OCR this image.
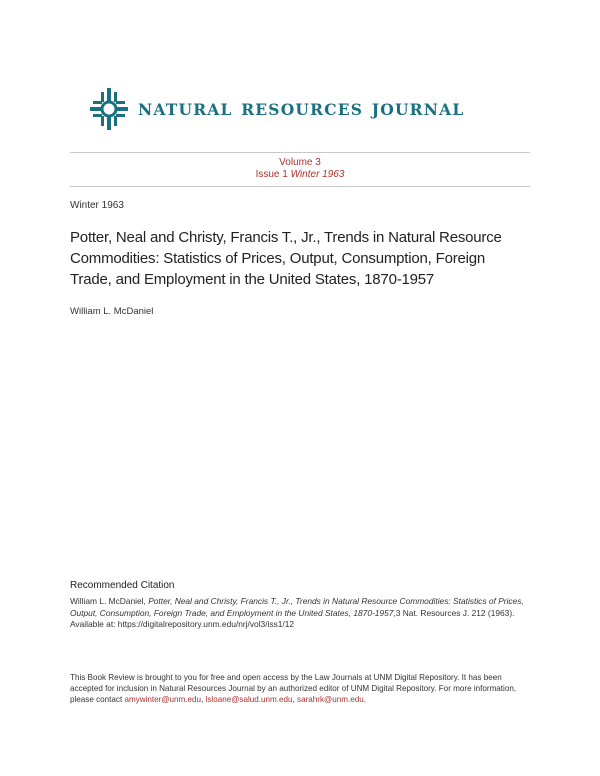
NATURAL RESOURCES JOURNAL
Volume 3
Issue 1 Winter 1963
Winter 1963
Potter, Neal and Christy, Francis T., Jr., Trends in Natural Resource Commodities: Statistics of Prices, Output, Consumption, Foreign Trade, and Employment in the United States, 1870-1957
William L. McDaniel
Recommended Citation
William L. McDaniel, Potter, Neal and Christy, Francis T., Jr., Trends in Natural Resource Commodities: Statistics of Prices, Output, Consumption, Foreign Trade, and Employment in the United States, 1870-1957,3 Nat. Resources J. 212 (1963).
Available at: https://digitalrepository.unm.edu/nrj/vol3/iss1/12
This Book Review is brought to you for free and open access by the Law Journals at UNM Digital Repository. It has been accepted for inclusion in Natural Resources Journal by an authorized editor of UNM Digital Repository. For more information, please contact amywinter@unm.edu, lsloane@salud.unm.edu, sarahrk@unm.edu.
